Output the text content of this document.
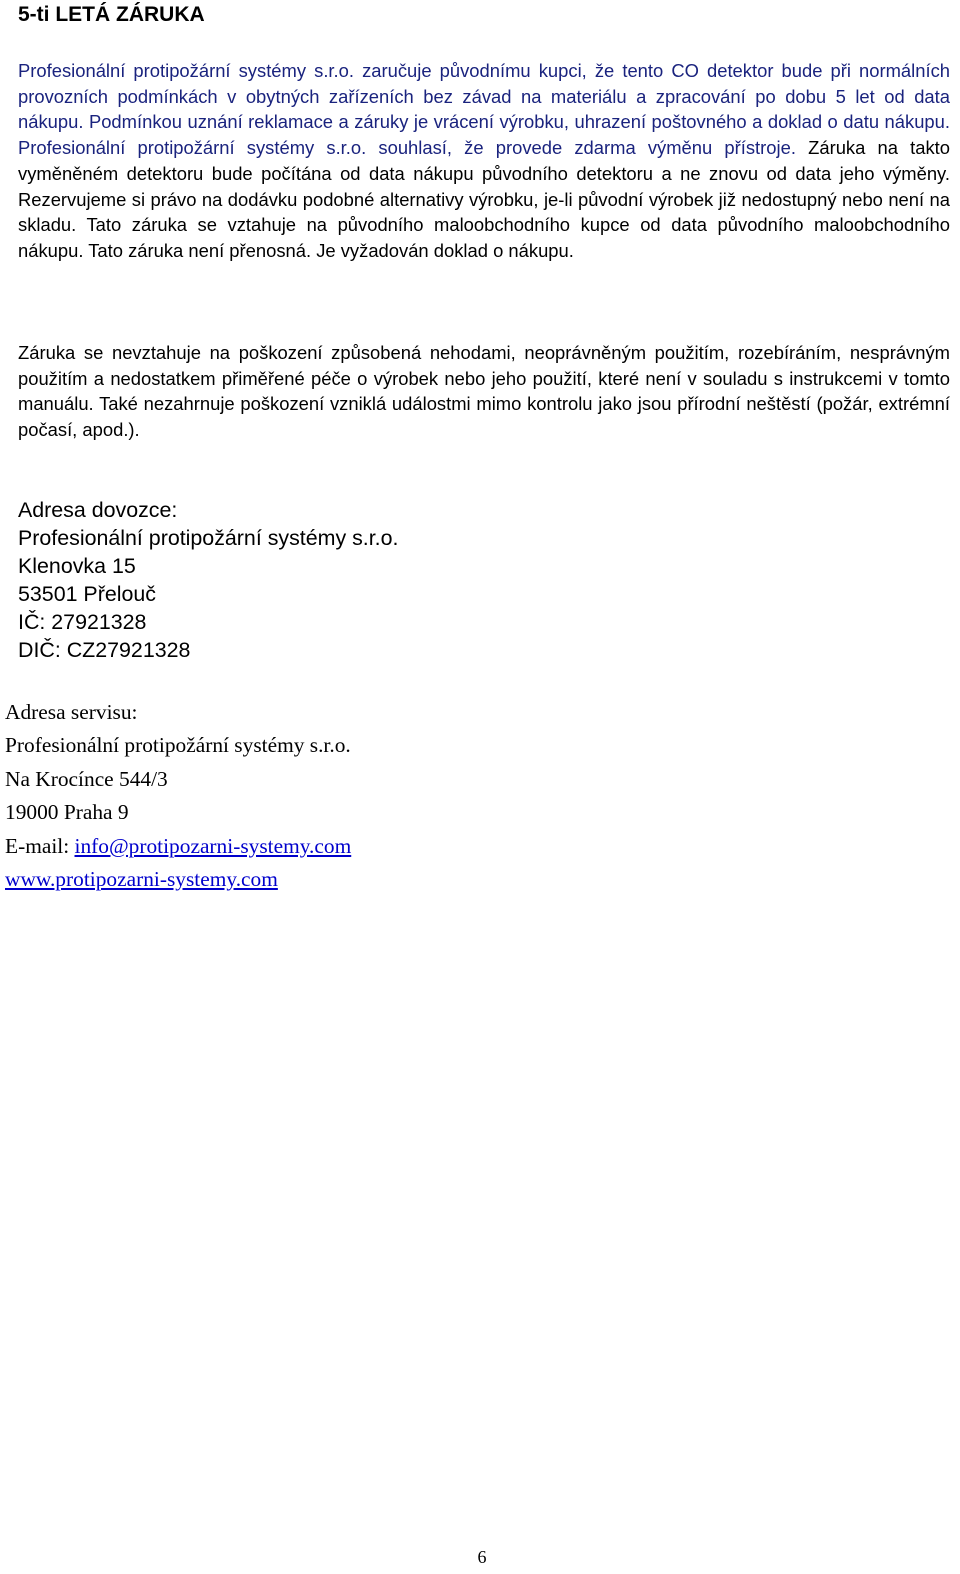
5-ti LETÁ ZÁRUKA

Profesionální protipožární systémy s.r.o. zaručuje původnímu kupci, že tento CO detektor bude při normálních provozních podmínkách v obytných zařízeních bez závad na materiálu a zpracování po dobu 5 let od data nákupu. Podmínkou uznání reklamace a záruky je vrácení výrobku, uhrazení poštovného a doklad o datu nákupu. Profesionální protipožární systémy s.r.o. souhlasí, že provede zdarma výměnu přístroje. Záruka na takto vyměněném detektoru bude počítána od data nákupu původního detektoru a ne znovu od data jeho výměny. Rezervujeme si právo na dodávku podobné alternativy výrobku, je-li původní výrobek již nedostupný nebo není na skladu. Tato záruka se vztahuje na původního maloobchodního kupce od data původního maloobchodního nákupu. Tato záruka není přenosná. Je vyžadován doklad o nákupu.

Záruka se nevztahuje na poškození způsobená nehodami, neoprávněným použitím, rozebíráním, nesprávným použitím a nedostatkem přiměřené péče o výrobek nebo jeho použití, které není v souladu s instrukcemi v tomto manuálu. Také nezahrnuje poškození vzniklá událostmi mimo kontrolu jako jsou přírodní neštěstí (požár, extrémní počasí, apod.).

Adresa dovozce:
Profesionální protipožární systémy s.r.o.
Klenovka 15
53501 Přelouč
IČ: 27921328
DIČ: CZ27921328
Adresa servisu:
Profesionální protipožární systémy s.r.o.
Na Krocínce 544/3
19000 Praha 9
E-mail: info@protipozarni-systemy.com
www.protipozarni-systemy.com
6
